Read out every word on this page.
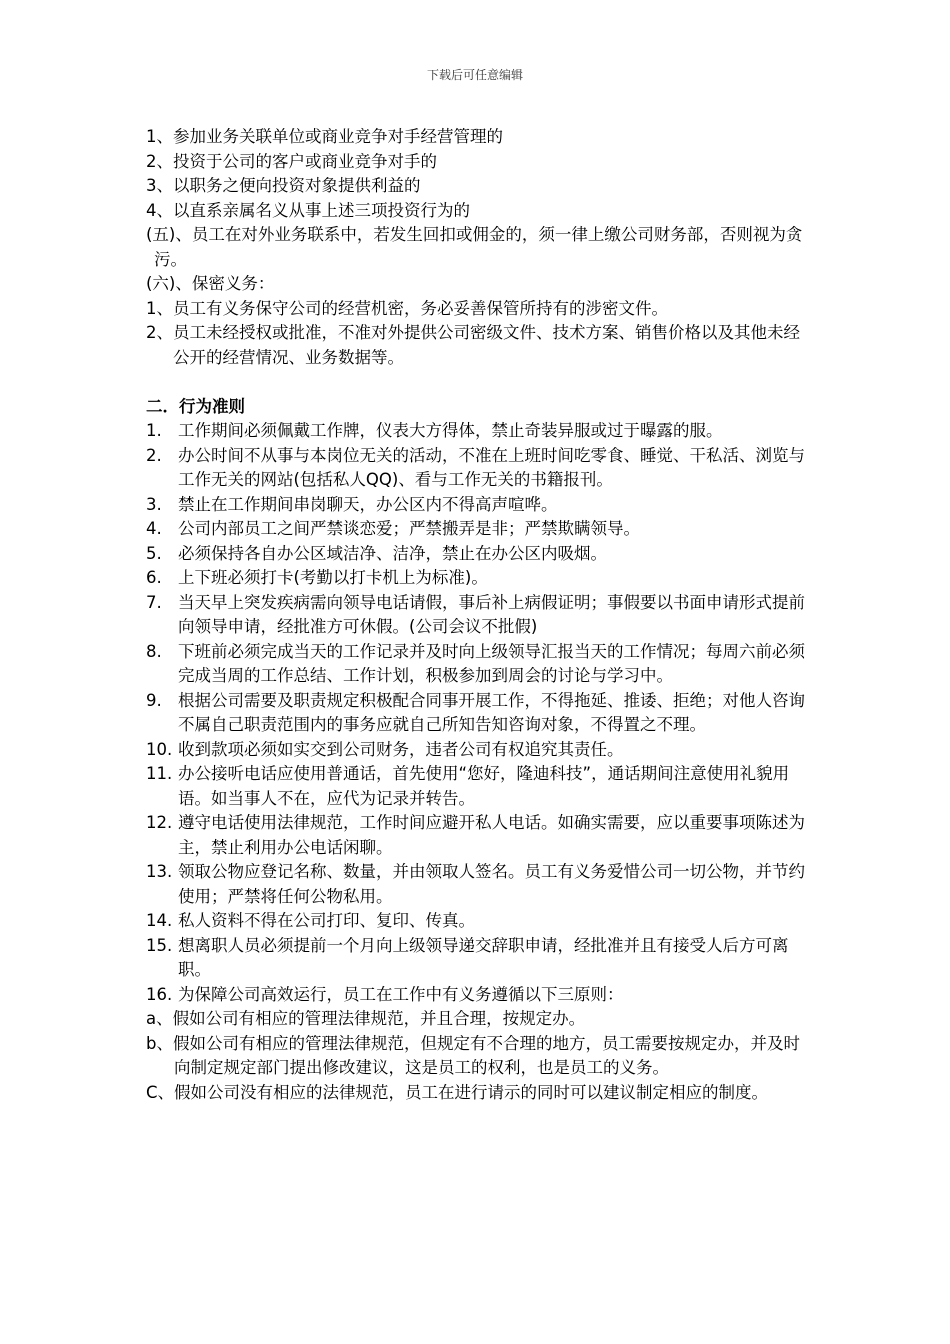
下载后可任意编辑
1、 参加业务关联单位或商业竞争对手经营管理的
2、 投资于公司的客户或商业竞争对手的
3、 以职务之便向投资对象提供利益的
4、 以直系亲属名义从事上述三项投资行为的

(五)、员工在对外业务联系中，若发生回扣或佣金的，须一律上缴公司财务部，否则视为贪污。

(六)、保密义务：

1、 员工有义务保守公司的经营机密，务必妥善保管所持有的涉密文件。
2、 员工未经授权或批准，不准对外提供公司密级文件、技术方案、销售价格以及其他未经公开的经营情况、业务数据等。

二．行为准则

1. 工作期间必须佩戴工作牌，仪表大方得体，禁止奇装异服或过于曝露的服。
2. 办公时间不从事与本岗位无关的活动，不准在上班时间吃零食、睡觉、干私活、浏览与工作无关的网站(包括私人QQ)、看与工作无关的书籍报刊。
3. 禁止在工作期间串岗聊天，办公区内不得高声喧哗。
4. 公司内部员工之间严禁谈恋爱；严禁搬弄是非；严禁欺瞒领导。
5. 必须保持各自办公区域洁净、洁净，禁止在办公区内吸烟。
6. 上下班必须打卡(考勤以打卡机上为标准)。
7. 当天早上突发疾病需向领导电话请假，事后补上病假证明；事假要以书面申请形式提前向领导申请，经批准方可休假。(公司会议不批假)
8. 下班前必须完成当天的工作记录并及时向上级领导汇报当天的工作情况；每周六前必须完成当周的工作总结、工作计划，积极参加到周会的讨论与学习中。
9. 根据公司需要及职责规定积极配合同事开展工作，不得拖延、推诿、拒绝；对他人咨询不属自己职责范围内的事务应就自己所知告知咨询对象，不得置之不理。
10. 收到款项必须如实交到公司财务，违者公司有权追究其责任。
11. 办公接听电话应使用普通话，首先使用“您好，隆迪科技”，通话期间注意使用礼貌用语。如当事人不在，应代为记录并转告。
12. 遵守电话使用法律规范，工作时间应避开私人电话。如确实需要，应以重要事项陈述为主，禁止利用办公电话闲聊。
13. 领取公物应登记名称、数量，并由领取人签名。员工有义务爱惜公司一切公物，并节约使用；严禁将任何公物私用。
14. 私人资料不得在公司打印、复印、传真。
15. 想离职人员必须提前一个月向上级领导递交辞职申请，经批准并且有接受人后方可离职。
16. 为保障公司高效运行，员工在工作中有义务遵循以下三原则：

a、假如公司有相应的管理法律规范，并且合理，按规定办。

b、假如公司有相应的管理法律规范，但规定有不合理的地方，员工需要按规定办，并及时向制定规定部门提出修改建议，这是员工的权利，也是员工的义务。

C、假如公司没有相应的法律规范，员工在进行请示的同时可以建议制定相应的制度。
